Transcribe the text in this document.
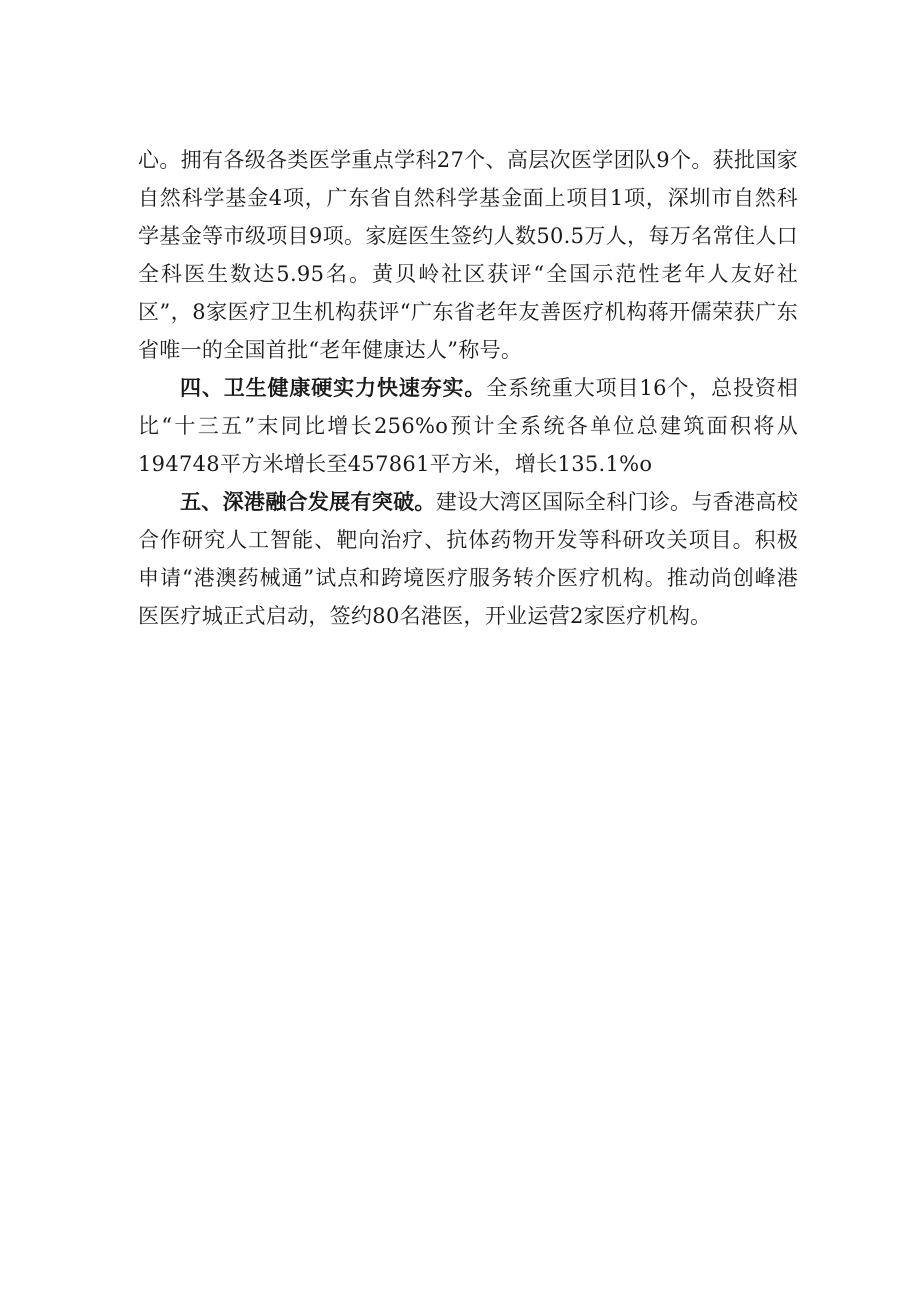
心。拥有各级各类医学重点学科27个、高层次医学团队9个。获批国家自然科学基金4项，广东省自然科学基金面上项目1项，深圳市自然科学基金等市级项目9项。家庭医生签约人数50.5万人，每万名常住人口全科医生数达5.95名。黄贝岭社区获评“全国示范性老年人友好社区”，8家医疗卫生机构获评“广东省老年友善医疗机构蒋开儒荣获广东省唯一的全国首批“老年健康达人”称号。

四、卫生健康硬实力快速夯实。全系统重大项目16个，总投资相比“十三五”末同比增长256%o预计全系统各单位总建筑面积将从194748平方米增长至457861平方米，增长135.1%o

五、深港融合发展有突破。建设大湾区国际全科门诊。与香港高校合作研究人工智能、靶向治疗、抗体药物开发等科研攻关项目。积极申请“港澳药械通”试点和跨境医疗服务转介医疗机构。推动尚创峰港医医疗城正式启动，签约80名港医，开业运营2家医疗机构。
